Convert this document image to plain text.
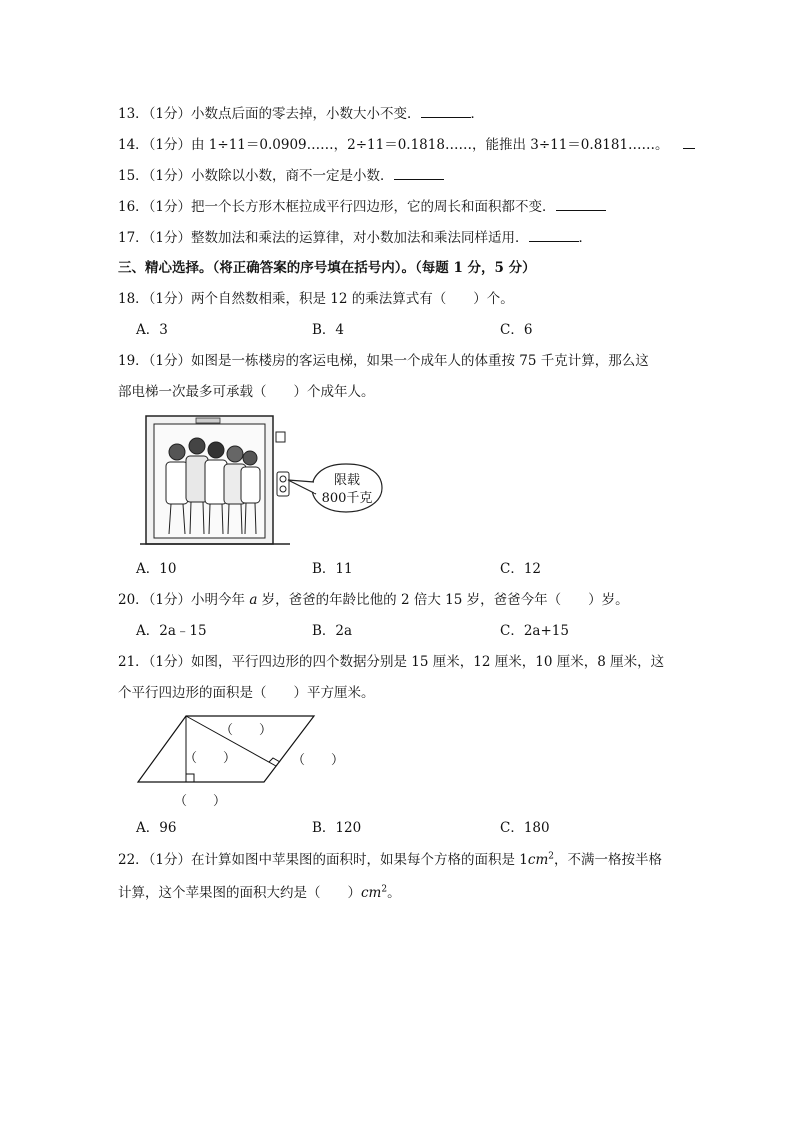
13．（1分）小数点后面的零去掉，小数大小不变．	．
14．（1分）由 1÷11＝0.0909……，2÷11＝0.1818……，能推出 3÷11＝0.8181……。
15．（1分）小数除以小数，商不一定是小数．
16．（1分）把一个长方形木框拉成平行四边形，它的周长和面积都不变．
17．（1分）整数加法和乘法的运算律，对小数加法和乘法同样适用．	．
三、精心选择。（将正确答案的序号填在括号内）。（每题 1 分，5 分）
18．（1分）两个自然数相乘，积是 12 的乘法算式有（　　）个。
A．3	B．4	C．6
19．（1分）如图是一栋楼房的客运电梯，如果一个成年人的体重按 75 千克计算，那么这
部电梯一次最多可承载（　　）个成年人。
限载
800千克
A．10	B．11	C．12
20．（1分）小明今年 a 岁，爸爸的年龄比他的 2 倍大 15 岁，爸爸今年（　　）岁。
A．2a﹣15	B．2a	C．2a+15
21．（1分）如图，平行四边形的四个数据分别是 15 厘米，12 厘米，10 厘米，8 厘米，这
个平行四边形的面积是（　　）平方厘米。
（　　）
（　　）	（　　）
（　　）
A．96	B．120	C．180
22．（1分）在计算如图中苹果图的面积时，如果每个方格的面积是 $1cm^2$，不满一格按半格
计算，这个苹果图的面积大约是（　　）$cm^2$。
